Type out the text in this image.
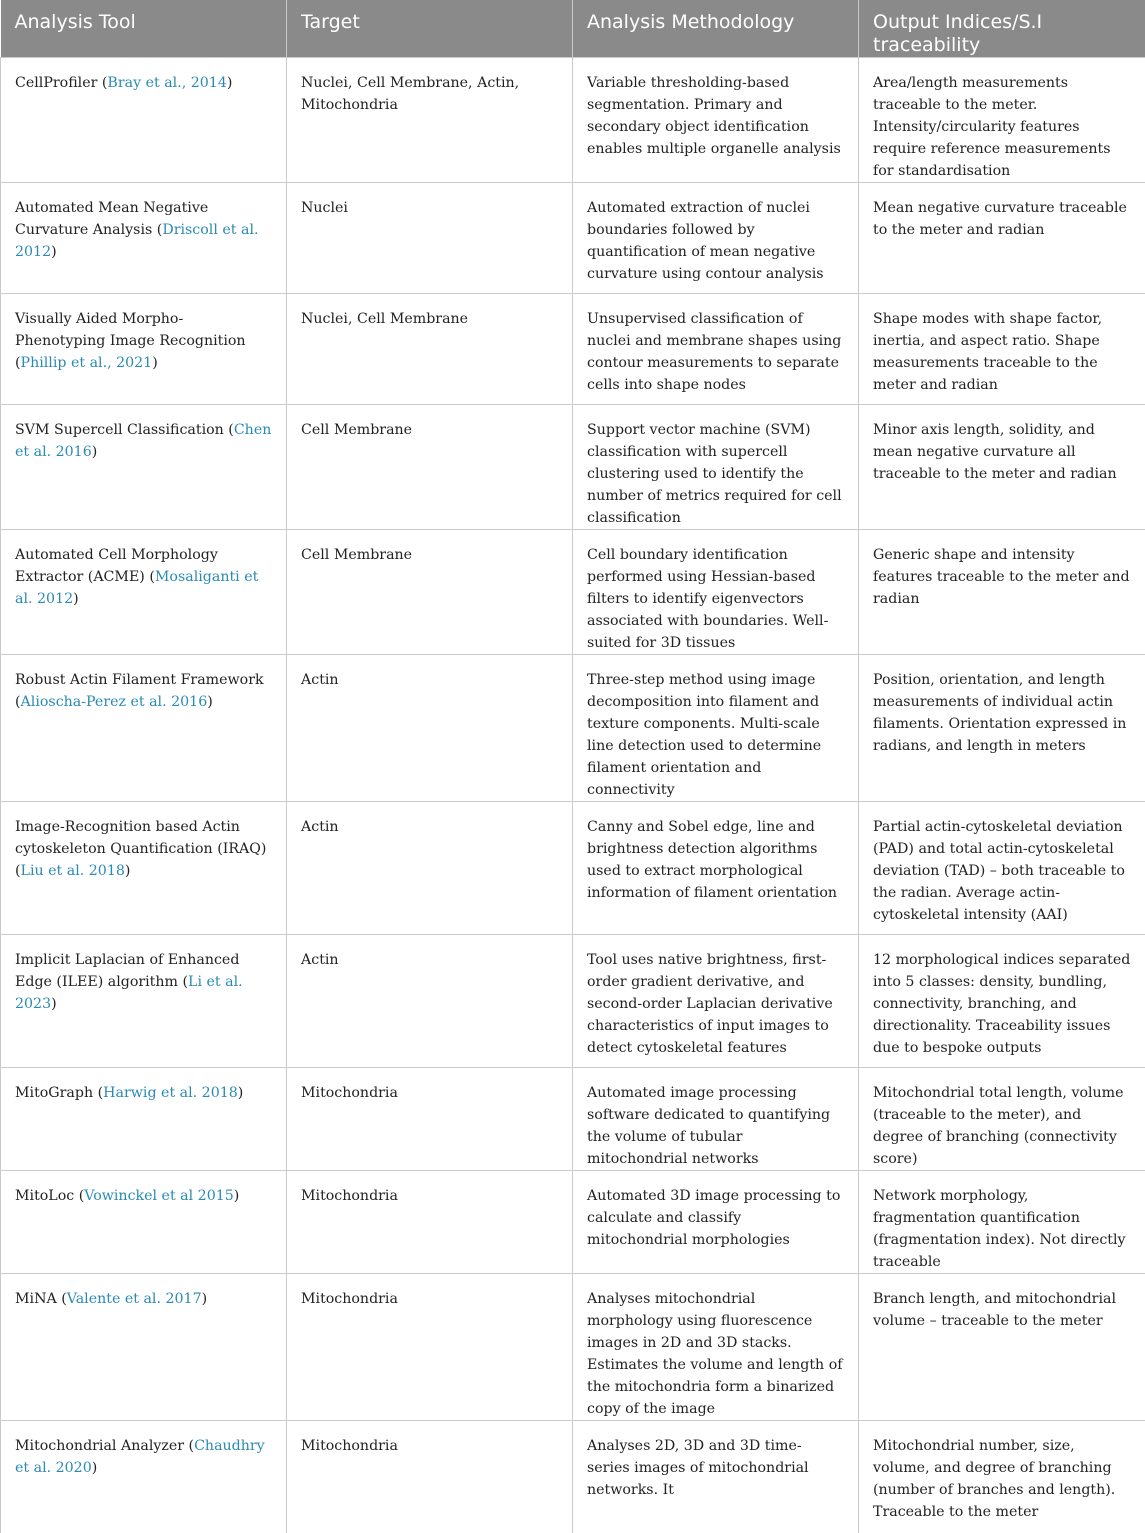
Analysis Tool	Target	Analysis Methodology	Output Indices/S.I traceability
CellProfiler (Bray et al., 2014)	Nuclei, Cell Membrane, Actin, Mitochondria	Variable thresholding-based segmentation. Primary and secondary object identification enables multiple organelle analysis	Area/length measurements traceable to the meter. Intensity/circularity features require reference measurements for standardisation
Automated Mean Negative Curvature Analysis (Driscoll et al. 2012)	Nuclei	Automated extraction of nuclei boundaries followed by quantification of mean negative curvature using contour analysis	Mean negative curvature traceable to the meter and radian
Visually Aided Morpho-Phenotyping Image Recognition (Phillip et al., 2021)	Nuclei, Cell Membrane	Unsupervised classification of nuclei and membrane shapes using contour measurements to separate cells into shape nodes	Shape modes with shape factor, inertia, and aspect ratio. Shape measurements traceable to the meter and radian
SVM Supercell Classification (Chen et al. 2016)	Cell Membrane	Support vector machine (SVM) classification with supercell clustering used to identify the number of metrics required for cell classification	Minor axis length, solidity, and mean negative curvature all traceable to the meter and radian
Automated Cell Morphology Extractor (ACME) (Mosaliganti et al. 2012)	Cell Membrane	Cell boundary identification performed using Hessian-based filters to identify eigenvectors associated with boundaries. Well-suited for 3D tissues	Generic shape and intensity features traceable to the meter and radian
Robust Actin Filament Framework (Alioscha-Perez et al. 2016)	Actin	Three-step method using image decomposition into filament and texture components. Multi-scale line detection used to determine filament orientation and connectivity	Position, orientation, and length measurements of individual actin filaments. Orientation expressed in radians, and length in meters
Image-Recognition based Actin cytoskeleton Quantification (IRAQ) (Liu et al. 2018)	Actin	Canny and Sobel edge, line and brightness detection algorithms used to extract morphological information of filament orientation	Partial actin-cytoskeletal deviation (PAD) and total actin-cytoskeletal deviation (TAD) – both traceable to the radian. Average actin-cytoskeletal intensity (AAI)
Implicit Laplacian of Enhanced Edge (ILEE) algorithm (Li et al. 2023)	Actin	Tool uses native brightness, first-order gradient derivative, and second-order Laplacian derivative characteristics of input images to detect cytoskeletal features	12 morphological indices separated into 5 classes: density, bundling, connectivity, branching, and directionality. Traceability issues due to bespoke outputs
MitoGraph (Harwig et al. 2018)	Mitochondria	Automated image processing software dedicated to quantifying the volume of tubular mitochondrial networks	Mitochondrial total length, volume (traceable to the meter), and degree of branching (connectivity score)
MitoLoc (Vowinckel et al 2015)	Mitochondria	Automated 3D image processing to calculate and classify mitochondrial morphologies	Network morphology, fragmentation quantification (fragmentation index). Not directly traceable
MiNA (Valente et al. 2017)	Mitochondria	Analyses mitochondrial morphology using fluorescence images in 2D and 3D stacks. Estimates the volume and length of the mitochondria form a binarized copy of the image	Branch length, and mitochondrial volume – traceable to the meter
Mitochondrial Analyzer (Chaudhry et al. 2020)	Mitochondria	Analyses 2D, 3D and 3D time-series images of mitochondrial networks. It	Mitochondrial number, size, volume, and degree of branching (number of branches and length). Traceable to the meter
